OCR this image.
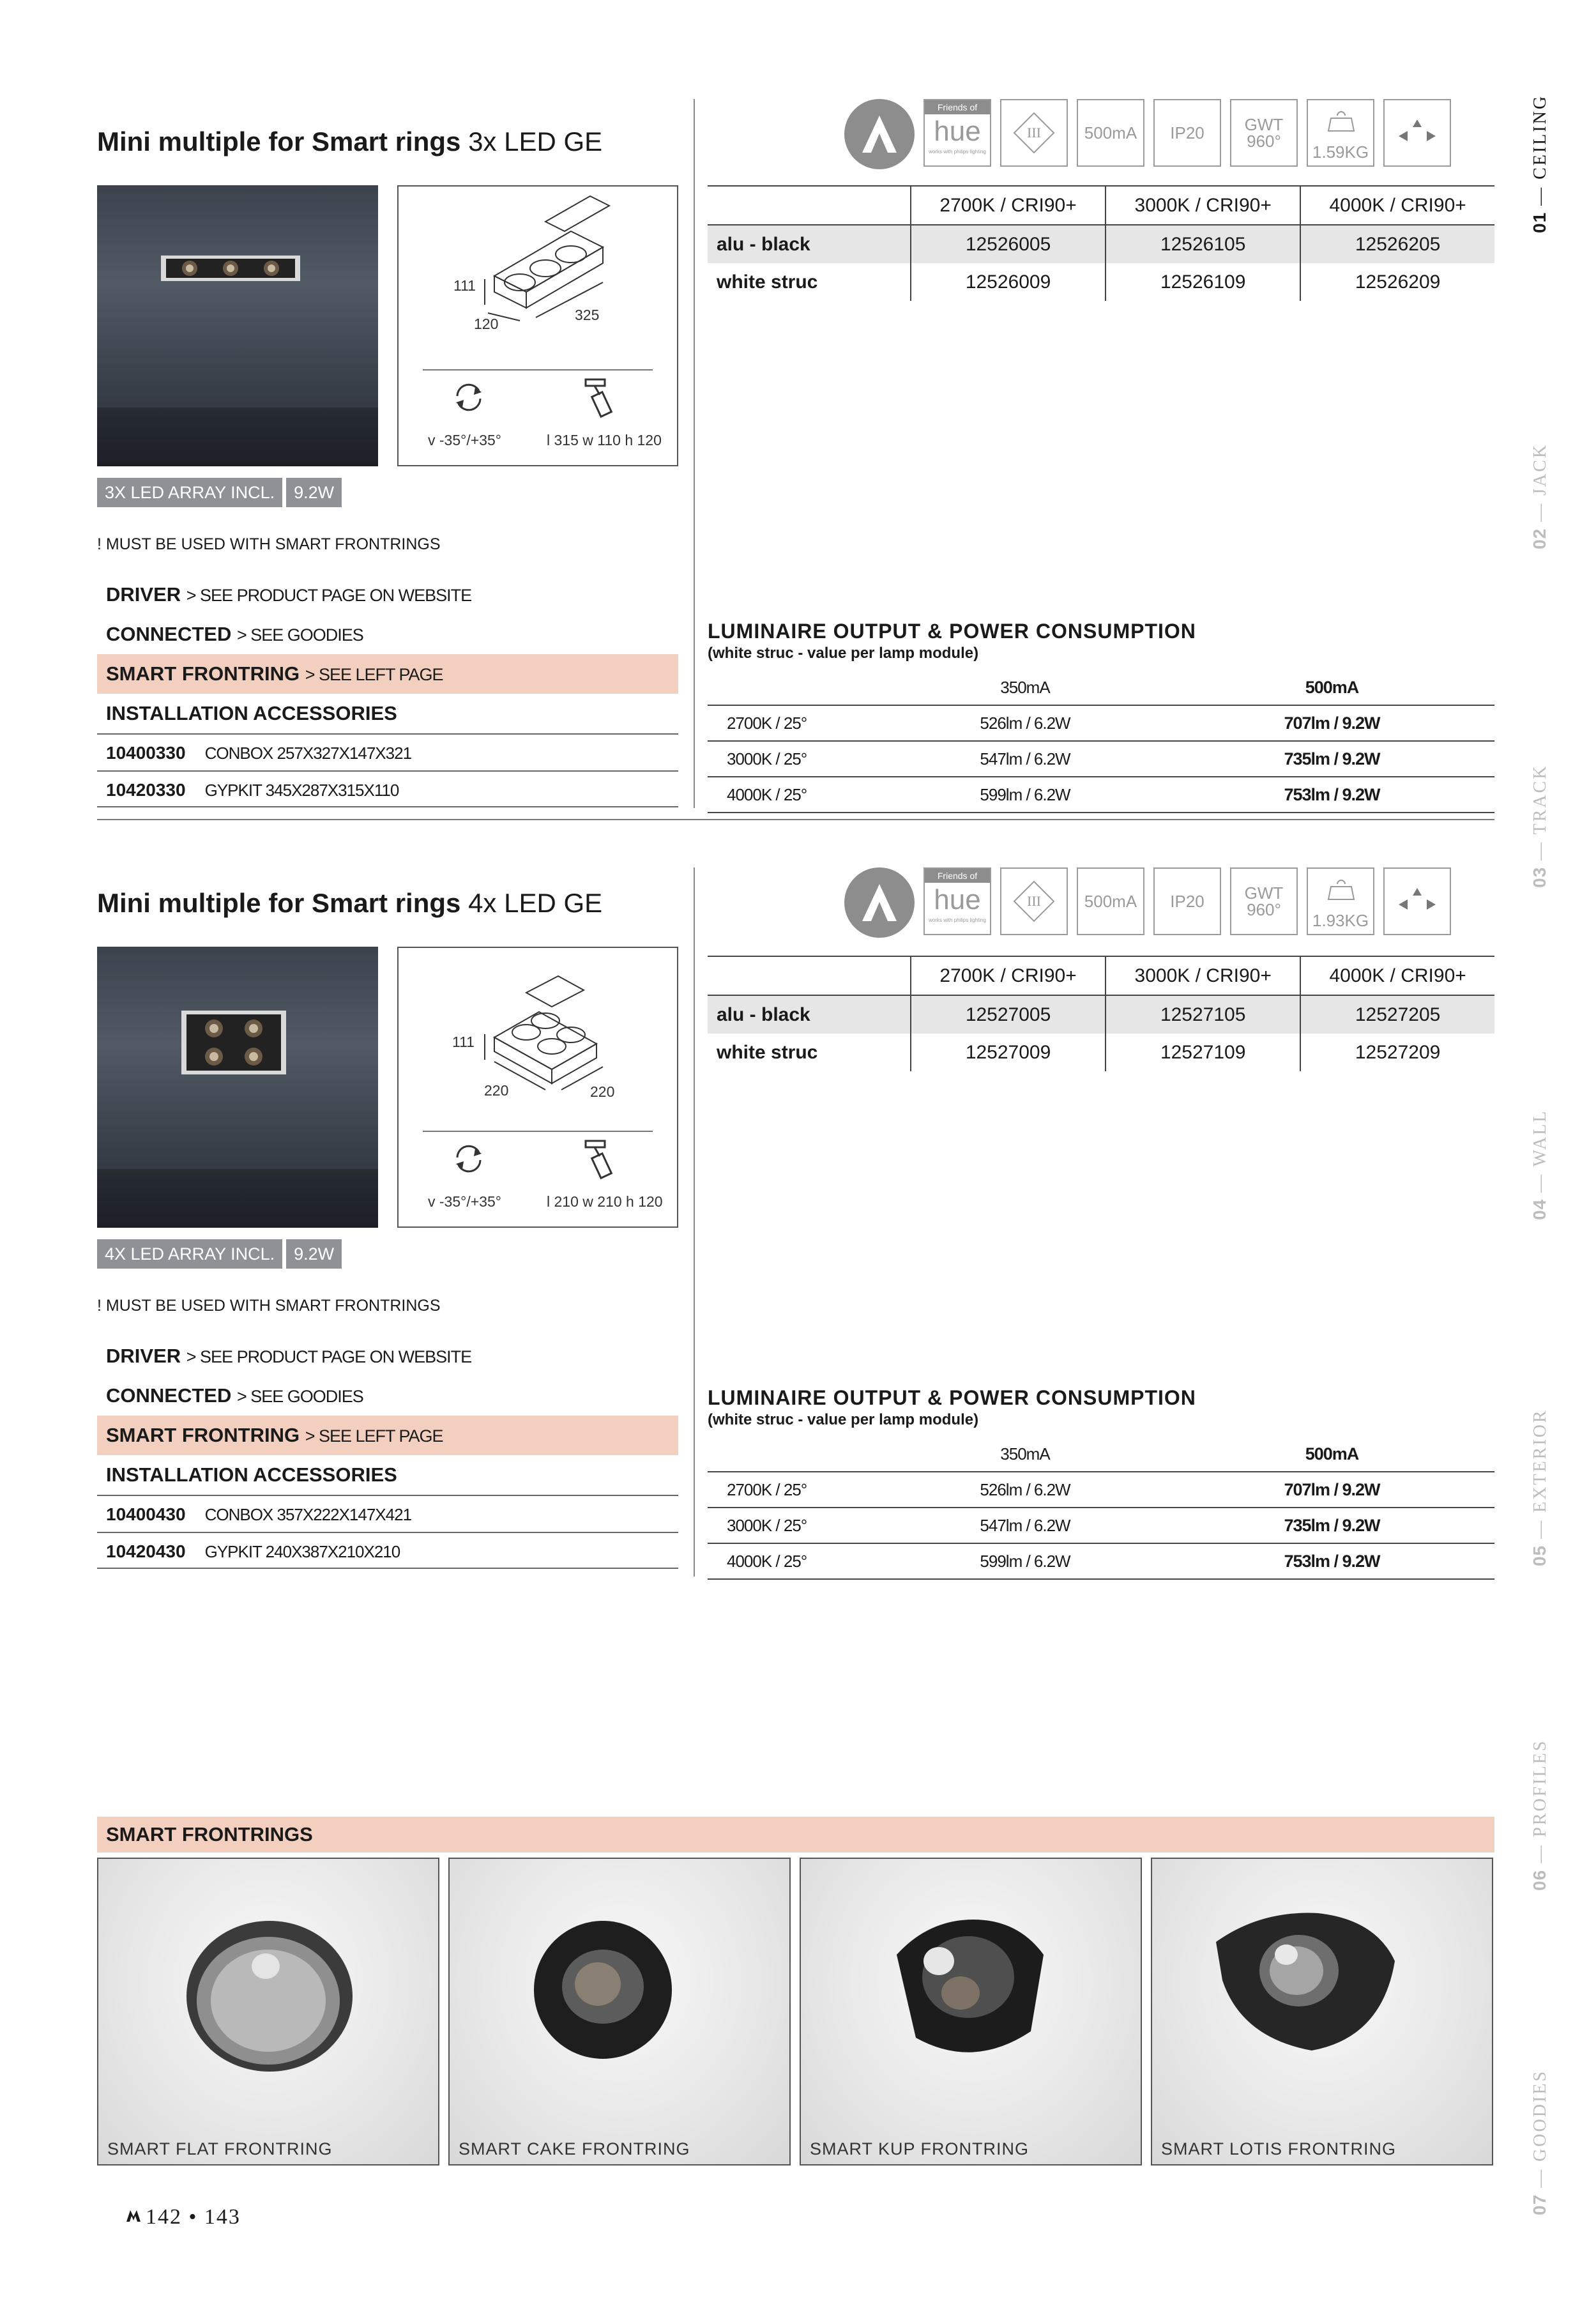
Mini multiple for Smart rings 3x LED GE
111
120
325
v -35°/+35°	l 315 w 110 h 120
3X LED ARRAY INCL.	9.2W
! MUST BE USED WITH SMART FRONTRINGS
DRIVER > SEE PRODUCT PAGE ON WEBSITE
CONNECTED > SEE GOODIES
SMART FRONTRING > SEE LEFT PAGE
INSTALLATION ACCESSORIES
10400330 CONBOX 257X327X147X321
10420330 GYPKIT 345X287X315X110
Friends of
hue
works with philips lighting
III	500mA IP20 GWT
960°
1.59KG
	2700K / CRI90+	3000K / CRI90+	4000K / CRI90+
alu - black	12526005	12526105	12526205
white struc	12526009	12526109	12526209
LUMINAIRE OUTPUT & POWER CONSUMPTION
(white struc - value per lamp module)
	350mA	500mA
2700K / 25°	526lm / 6.2W	707lm / 9.2W
3000K / 25°	547lm / 6.2W	735lm / 9.2W
4000K / 25°	599lm / 6.2W	753lm / 9.2W
Mini multiple for Smart rings 4x LED GE
111
220	220
v -35°/+35°	l 210 w 210 h 120
4X LED ARRAY INCL.	9.2W
! MUST BE USED WITH SMART FRONTRINGS
DRIVER > SEE PRODUCT PAGE ON WEBSITE
CONNECTED > SEE GOODIES
SMART FRONTRING > SEE LEFT PAGE
INSTALLATION ACCESSORIES
10400430 CONBOX 357X222X147X421
10420430 GYPKIT 240X387X210X210
Friends of
hue
works with philips lighting
III	500mA IP20 GWT
960°
1.93KG
	2700K / CRI90+	3000K / CRI90+	4000K / CRI90+
alu - black	12527005	12527105	12527205
white struc	12527009	12527109	12527209
LUMINAIRE OUTPUT & POWER CONSUMPTION
(white struc - value per lamp module)
	350mA	500mA
2700K / 25°	526lm / 6.2W	707lm / 9.2W
3000K / 25°	547lm / 6.2W	735lm / 9.2W
4000K / 25°	599lm / 6.2W	753lm / 9.2W
SMART FRONTRINGS
SMART FLAT FRONTRING	SMART CAKE FRONTRING	SMART KUP FRONTRING	SMART LOTIS FRONTRING
01 — CEILING
02 — JACK
03 — TRACK
04 — WALL
05 — EXTERIOR
06 — PROFILES
07 — GOODIES
142 • 143
